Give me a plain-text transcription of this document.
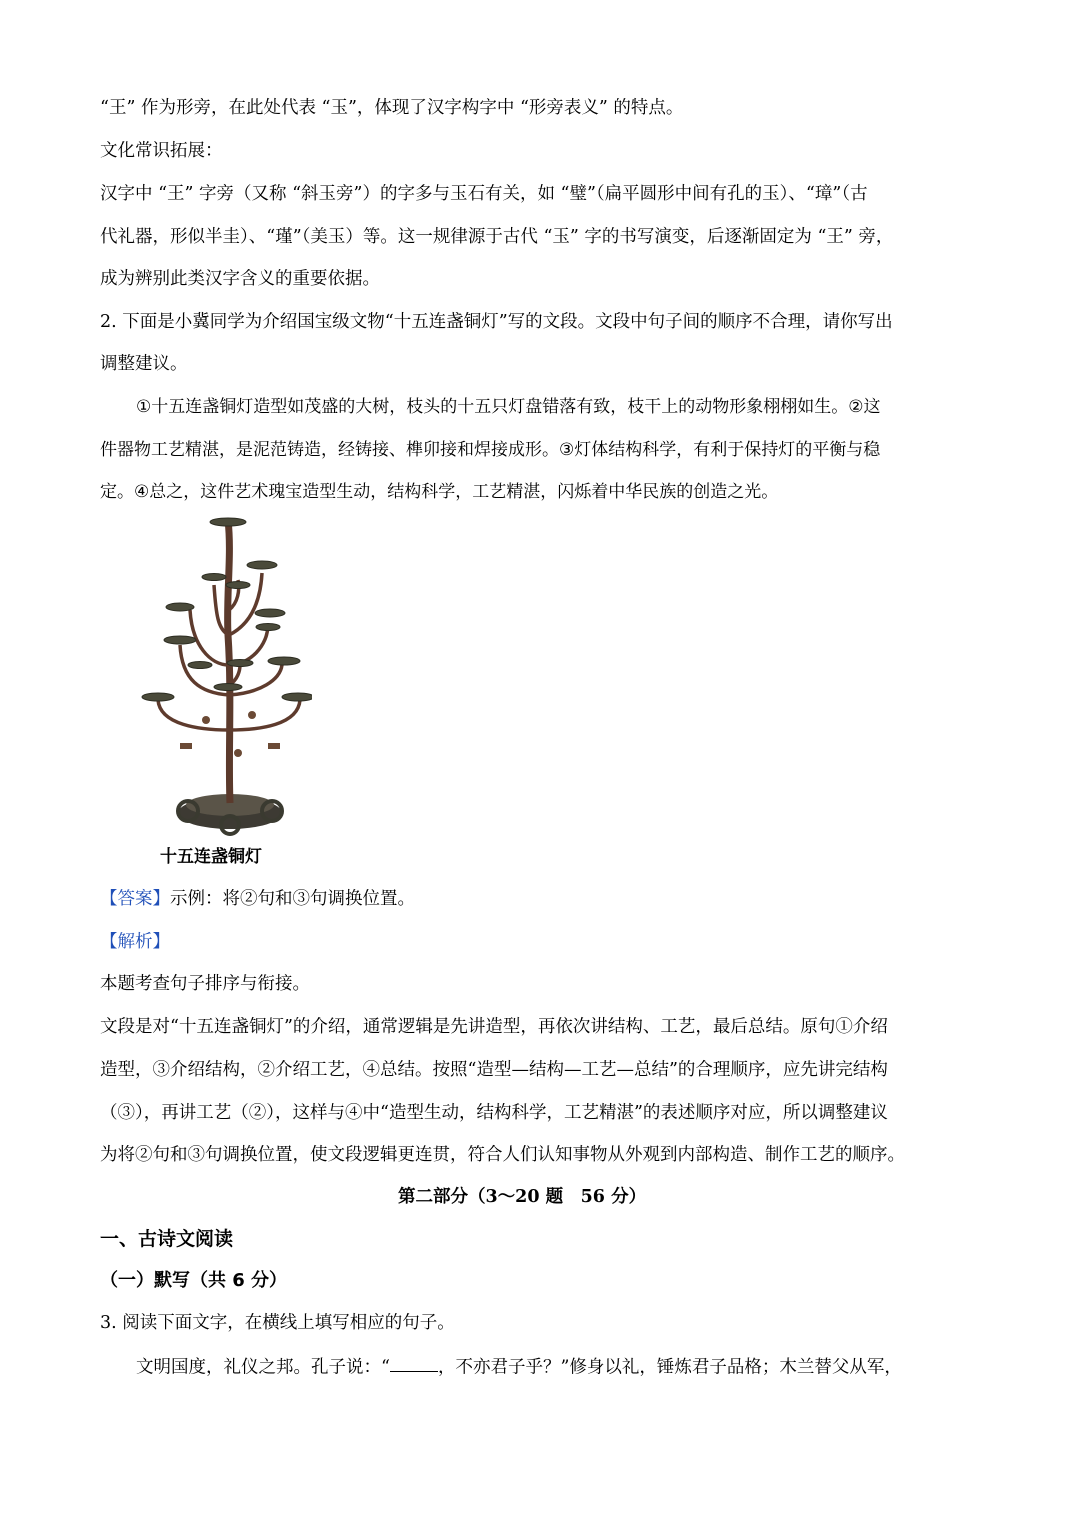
“王” 作为形旁，在此处代表 “玉”，体现了汉字构字中 “形旁表义” 的特点。

文化常识拓展：

汉字中 “王” 字旁（又称 “斜玉旁”）的字多与玉石有关，如 “璧”（扁平圆形中间有孔的玉）、“璋”（古

代礼器，形似半圭）、“瑾”（美玉）等。这一规律源于古代 “玉” 字的书写演变，后逐渐固定为 “王” 旁，

成为辨别此类汉字含义的重要依据。

2. 下面是小冀同学为介绍国宝级文物“十五连盏铜灯”写的文段。文段中句子间的顺序不合理，请你写出

调整建议。

①十五连盏铜灯造型如茂盛的大树，枝头的十五只灯盘错落有致，枝干上的动物形象栩栩如生。②这

件器物工艺精湛，是泥范铸造，经铸接、榫卯接和焊接成形。③灯体结构科学，有利于保持灯的平衡与稳

定。④总之，这件艺术瑰宝造型生动，结构科学，工艺精湛，闪烁着中华民族的创造之光。

十五连盏铜灯

【答案】示例：将②句和③句调换位置。

【解析】

本题考查句子排序与衔接。

文段是对“十五连盏铜灯”的介绍，通常逻辑是先讲造型，再依次讲结构、工艺，最后总结。原句①介绍

造型，③介绍结构，②介绍工艺，④总结。按照“造型—结构—工艺—总结”的合理顺序，应先讲完结构

（③），再讲工艺（②），这样与④中“造型生动，结构科学，工艺精湛”的表述顺序对应，所以调整建议

为将②句和③句调换位置，使文段逻辑更连贯，符合人们认知事物从外观到内部构造、制作工艺的顺序。

第二部分（3～20 题　56 分）

一、古诗文阅读

（一）默写（共 6 分）

3. 阅读下面文字，在横线上填写相应的句子。

文明国度，礼仪之邦。孔子说：“	，不亦君子乎？”修身以礼，锤炼君子品格；木兰替父从军，
